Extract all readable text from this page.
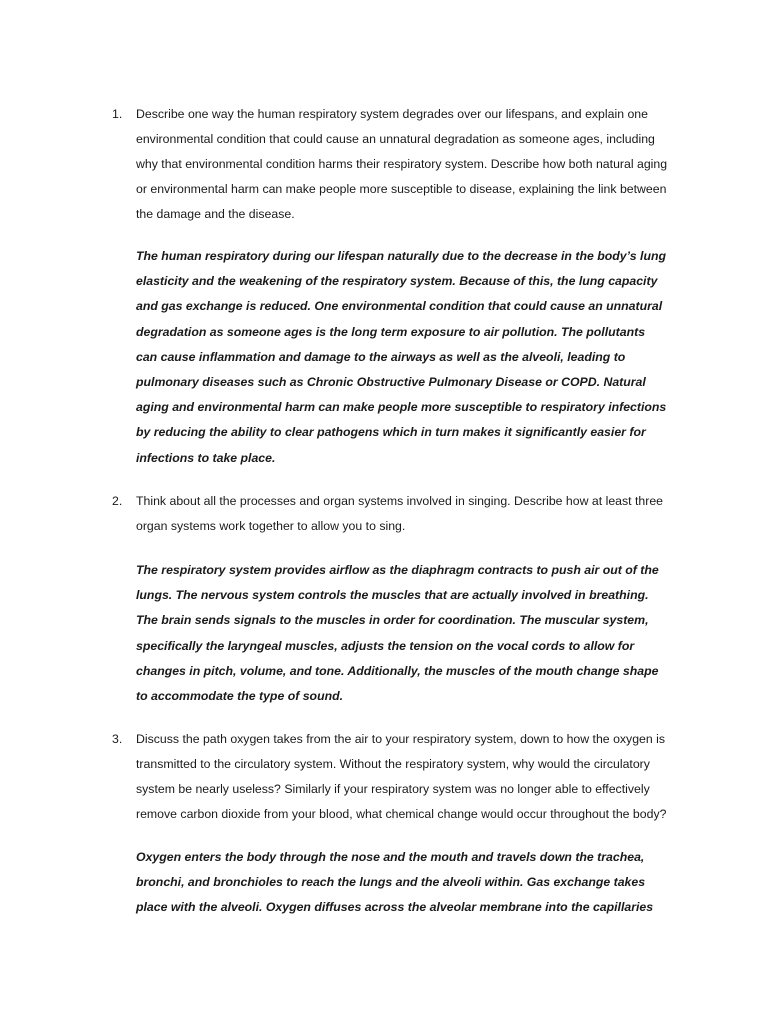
1. Describe one way the human respiratory system degrades over our lifespans, and explain one
environmental condition that could cause an unnatural degradation as someone ages, including
why that environmental condition harms their respiratory system. Describe how both natural aging
or environmental harm can make people more susceptible to disease, explaining the link between
the damage and the disease.
The human respiratory during our lifespan naturally due to the decrease in the body’s lung
elasticity and the weakening of the respiratory system. Because of this, the lung capacity
and gas exchange is reduced. One environmental condition that could cause an unnatural
degradation as someone ages is the long term exposure to air pollution. The pollutants
can cause inflammation and damage to the airways as well as the alveoli, leading to
pulmonary diseases such as Chronic Obstructive Pulmonary Disease or COPD. Natural
aging and environmental harm can make people more susceptible to respiratory infections
by reducing the ability to clear pathogens which in turn makes it significantly easier for
infections to take place.
2. Think about all the processes and organ systems involved in singing. Describe how at least three
organ systems work together to allow you to sing.
The respiratory system provides airflow as the diaphragm contracts to push air out of the
lungs. The nervous system controls the muscles that are actually involved in breathing.
The brain sends signals to the muscles in order for coordination. The muscular system,
specifically the laryngeal muscles, adjusts the tension on the vocal cords to allow for
changes in pitch, volume, and tone. Additionally, the muscles of the mouth change shape
to accommodate the type of sound.
3. Discuss the path oxygen takes from the air to your respiratory system, down to how the oxygen is
transmitted to the circulatory system. Without the respiratory system, why would the circulatory
system be nearly useless? Similarly if your respiratory system was no longer able to effectively
remove carbon dioxide from your blood, what chemical change would occur throughout the body?
Oxygen enters the body through the nose and the mouth and travels down the trachea,
bronchi, and bronchioles to reach the lungs and the alveoli within. Gas exchange takes
place with the alveoli. Oxygen diffuses across the alveolar membrane into the capillaries
